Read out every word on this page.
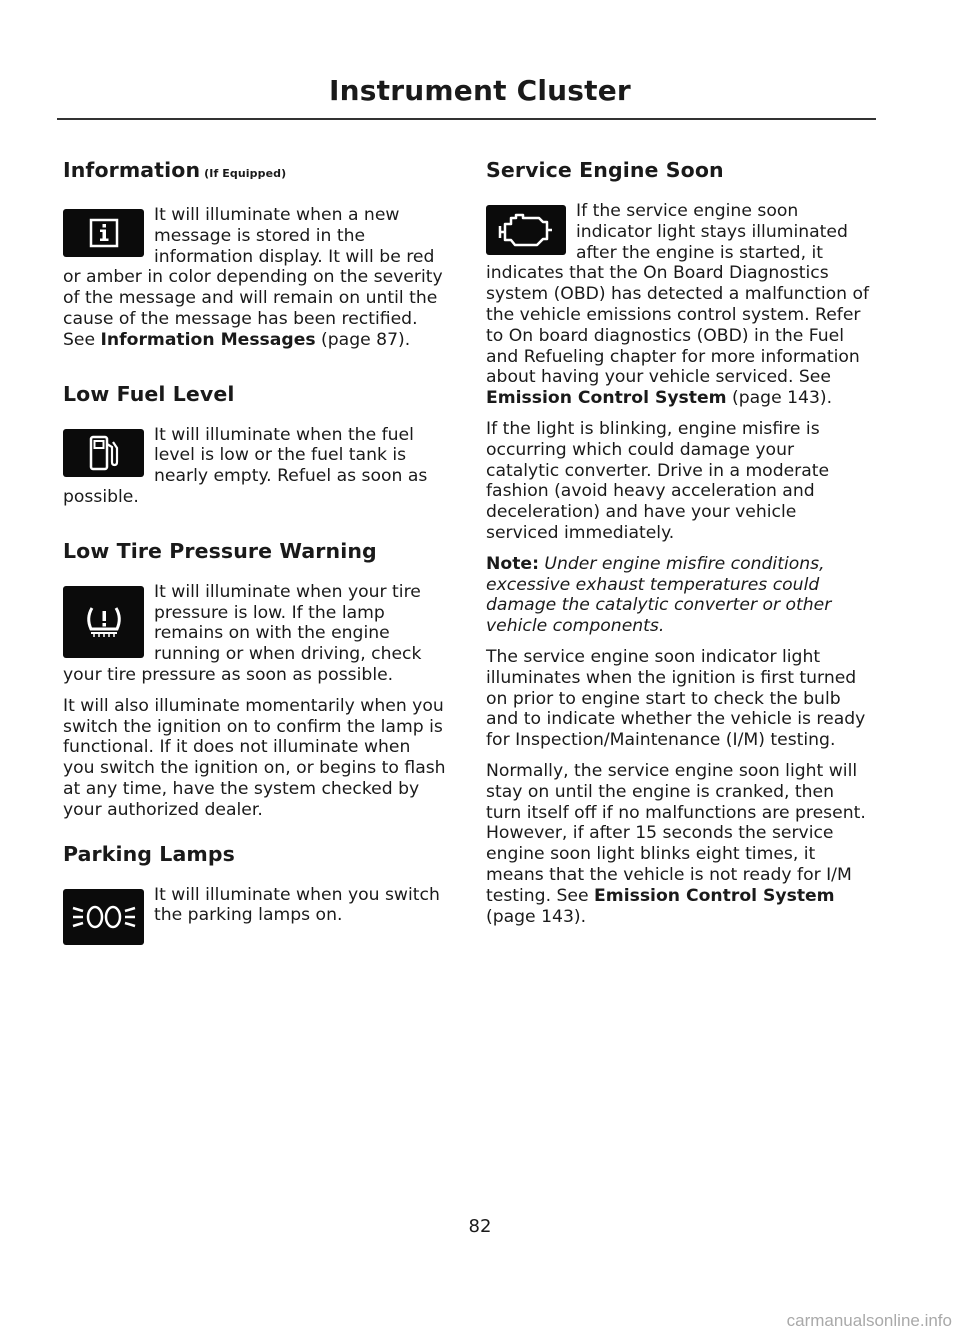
Instrument Cluster
Information (If Equipped)

It will illuminate when a new message is stored in the information display. It will be red or amber in color depending on the severity of the message and will remain on until the cause of the message has been rectified. See Information Messages (page 87).

Low Fuel Level

It will illuminate when the fuel level is low or the fuel tank is nearly empty. Refuel as soon as possible.

Low Tire Pressure Warning

It will illuminate when your tire pressure is low. If the lamp remains on with the engine running or when driving, check your tire pressure as soon as possible.

It will also illuminate momentarily when you switch the ignition on to confirm the lamp is functional. If it does not illuminate when you switch the ignition on, or begins to flash at any time, have the system checked by your authorized dealer.

Parking Lamps

It will illuminate when you switch the parking lamps on.

Service Engine Soon

If the service engine soon indicator light stays illuminated after the engine is started, it indicates that the On Board Diagnostics system (OBD) has detected a malfunction of the vehicle emissions control system. Refer to On board diagnostics (OBD) in the Fuel and Refueling chapter for more information about having your vehicle serviced. See Emission Control System (page 143).

If the light is blinking, engine misfire is occurring which could damage your catalytic converter. Drive in a moderate fashion (avoid heavy acceleration and deceleration) and have your vehicle serviced immediately.

Note: Under engine misfire conditions, excessive exhaust temperatures could damage the catalytic converter or other vehicle components.

The service engine soon indicator light illuminates when the ignition is first turned on prior to engine start to check the bulb and to indicate whether the vehicle is ready for Inspection/Maintenance (I/M) testing.

Normally, the service engine soon light will stay on until the engine is cranked, then turn itself off if no malfunctions are present. However, if after 15 seconds the service engine soon light blinks eight times, it means that the vehicle is not ready for I/M testing. See Emission Control System (page 143).

82
carmanualsonline.info
